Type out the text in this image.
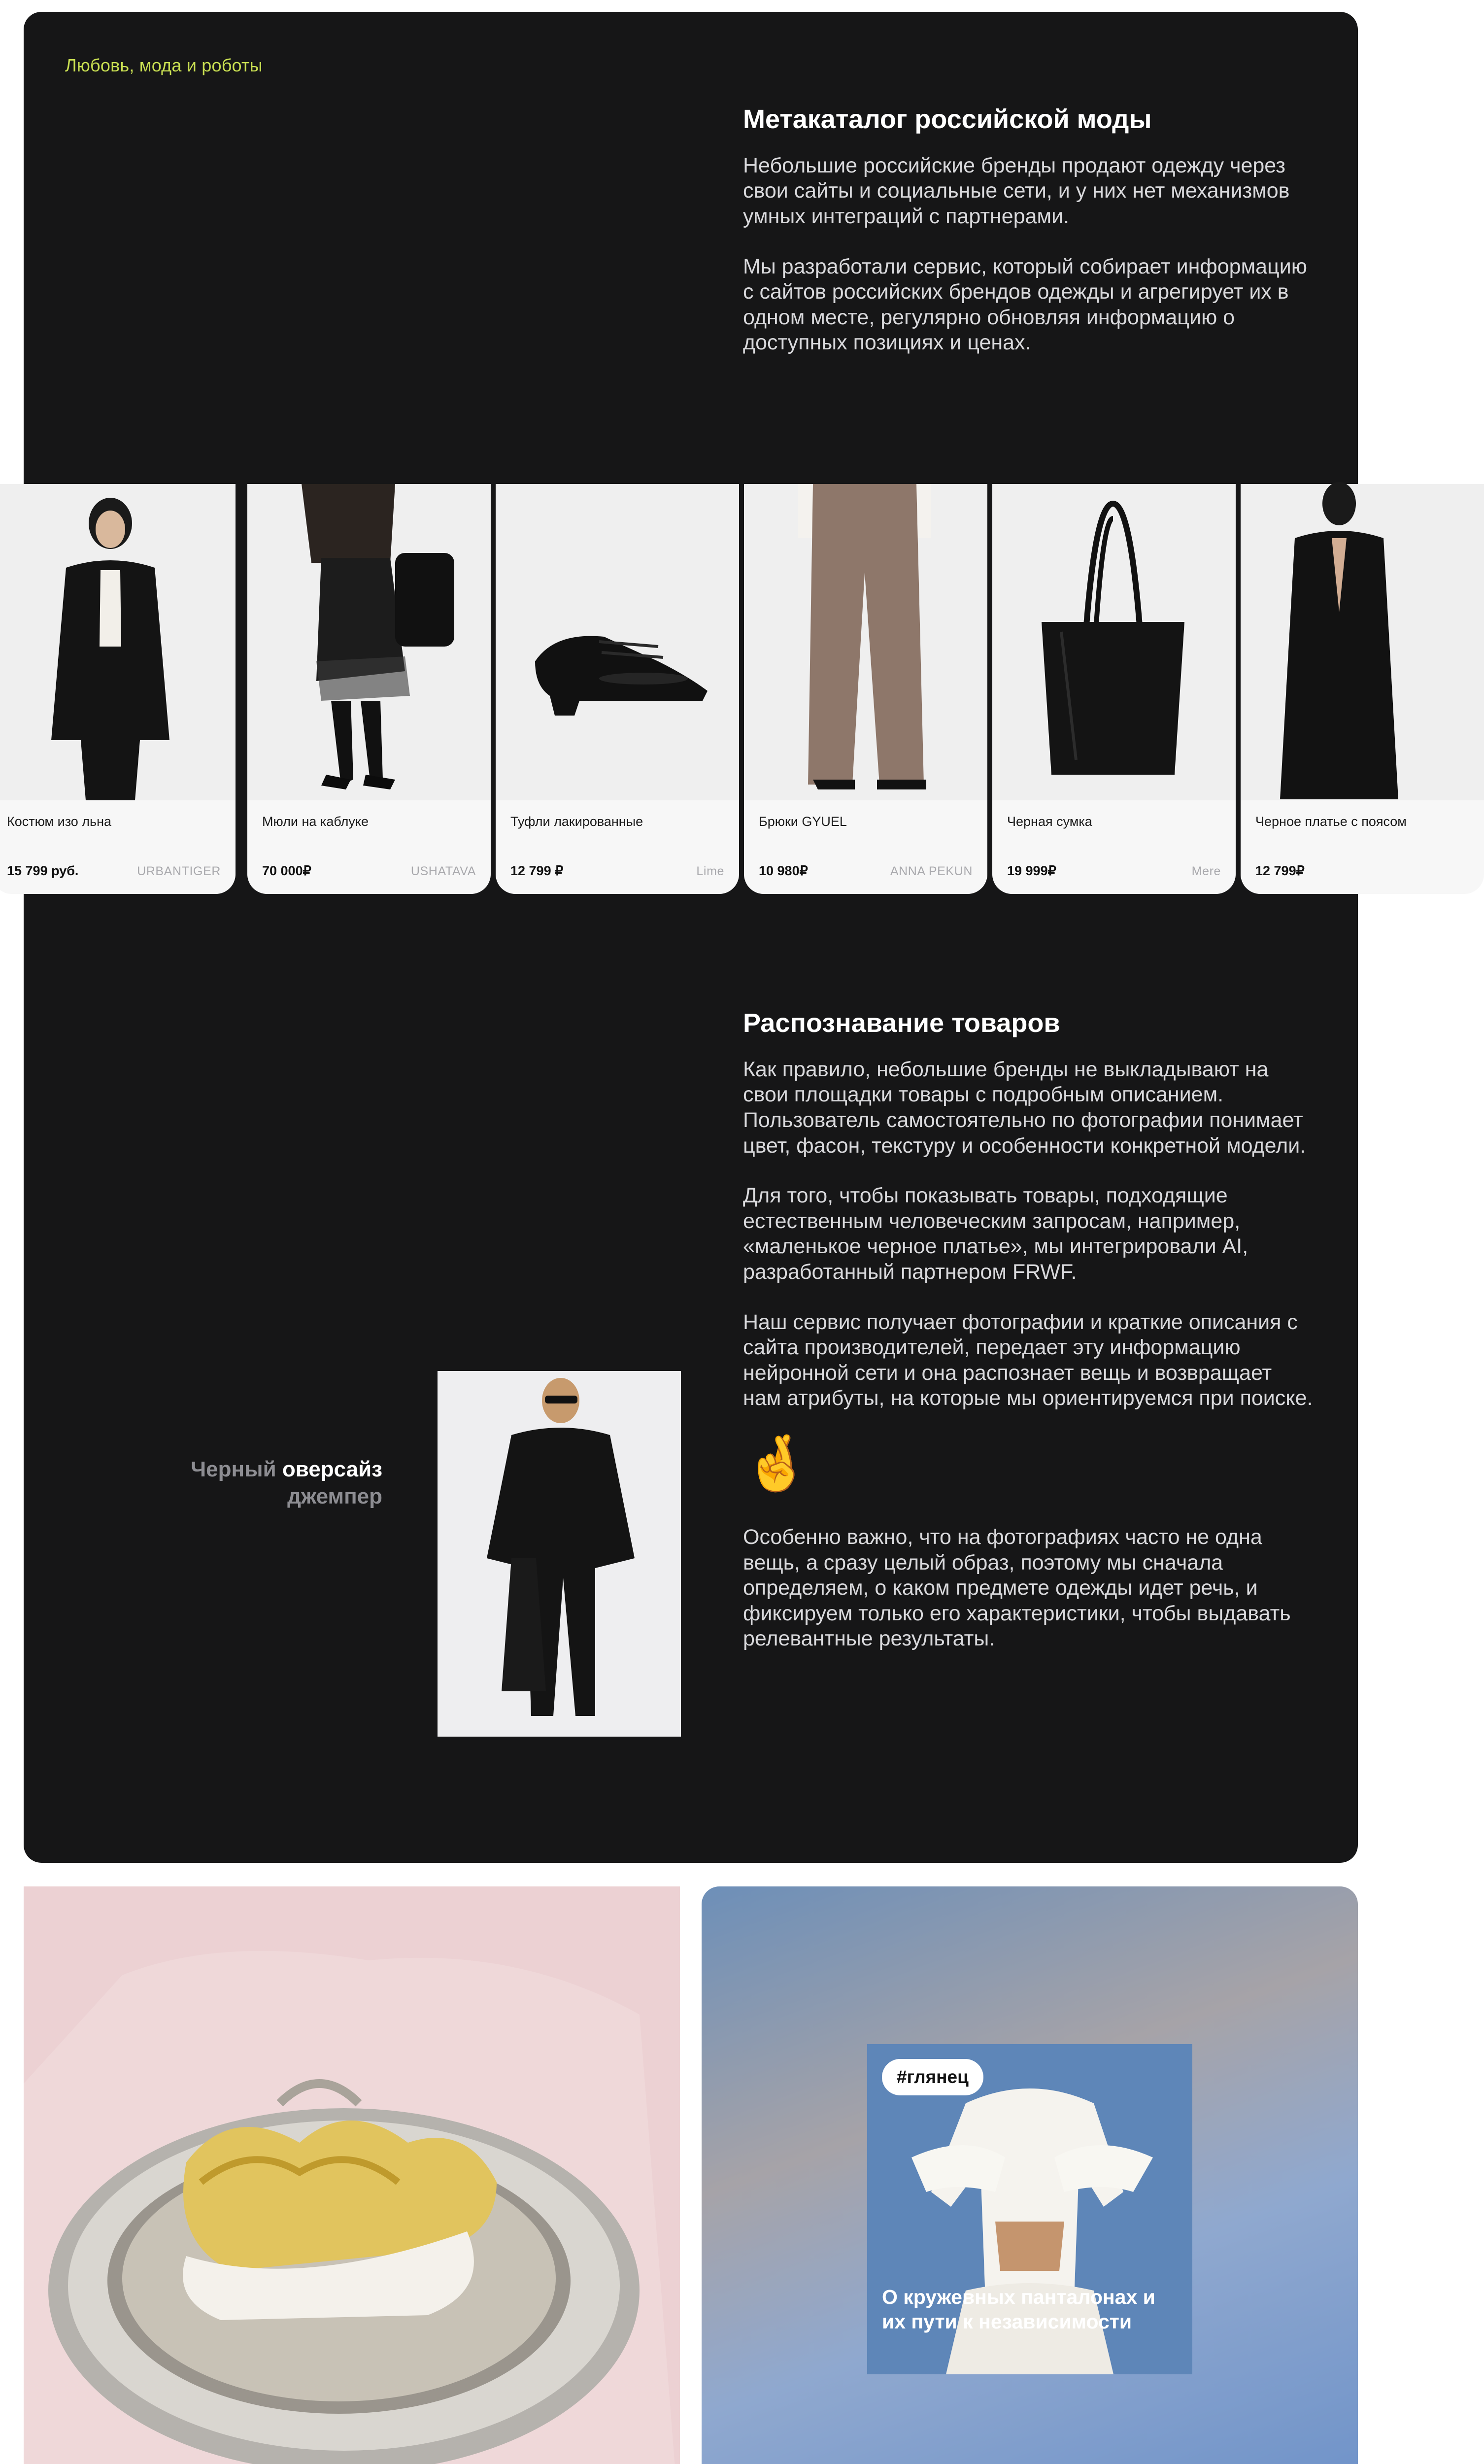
Любовь, мода и роботы
Метакаталог российской моды

Небольшие российские бренды продают одежду через свои сайты и социальные сети, и у них нет механизмов умных интеграций с партнерами.

Мы разработали сервис, который собирает информацию с сайтов российских брендов одежды и агрегирует их в одном месте, регулярно обновляя информацию о доступных позициях и ценах.

Костюм изо льна
15 799 руб.	URBANTIGER
Мюли на каблуке
70 000₽	USHATAVA
Туфли лакированные
12 799 ₽	Lime
Брюки GYUEL
10 980₽	ANNA PEKUN
Черная сумка
19 999₽	Mere
Черное платье с поясом
12 799₽
Распознавание товаров

Как правило, небольшие бренды не выкладывают на свои площадки товары с подробным описанием. Пользователь самостоятельно по фотографии понимает цвет, фасон, текстуру и особенности конкретной модели.

Для того, чтобы показывать товары, подходящие естественным человеческим запросам, например, «маленькое черное платье», мы интегрировали AI, разработанный партнером FRWF.

Наш сервис получает фотографии и краткие описания с сайта производителей, передает эту информацию нейронной сети и она распознает вещь и возвращает нам атрибуты, на которые мы ориентируемся при поиске.

🤞

Особенно важно, что на фотографиях часто не одна вещь, а сразу целый образ, поэтому мы сначала определяем, о каком предмете одежды идет речь, и фиксируем только его характеристики, чтобы выдавать релевантные результаты.

Черный оверсайз
джемпер
#глянец
О кружевных панталонах и их пути к независимости
